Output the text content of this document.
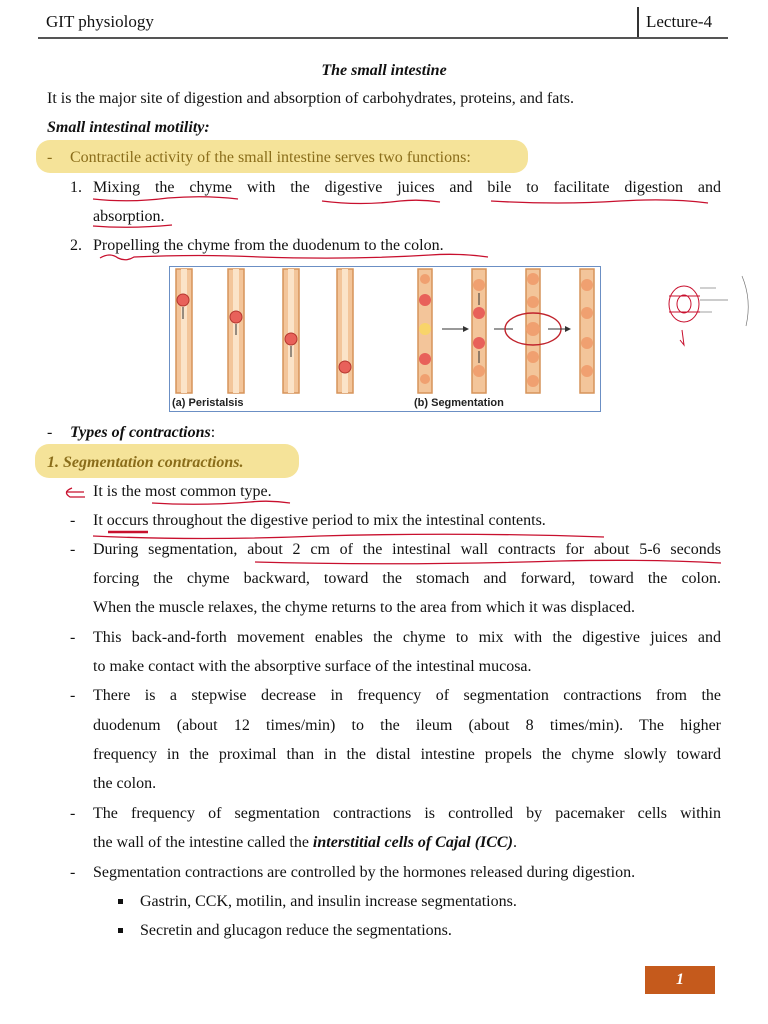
GIT physiology	Lecture-4
The small intestine
It is the major site of digestion and absorption of carbohydrates, proteins, and fats.
Small intestinal motility:
- Contractile activity of the small intestine serves two functions:
1. Mixing the chyme with the digestive juices and bile to facilitate digestion and
absorption.
2. Propelling the chyme from the duodenum to the colon.
(a) Peristalsis	(b) Segmentation
- Types of contractions:
1. Segmentation contractions.
It is the most common type.
- It occurs throughout the digestive period to mix the intestinal contents.
- During segmentation, about 2 cm of the intestinal wall contracts for about 5-6 seconds
forcing the chyme backward, toward the stomach and forward, toward the colon.
When the muscle relaxes, the chyme returns to the area from which it was displaced.
- This back-and-forth movement enables the chyme to mix with the digestive juices and
to make contact with the absorptive surface of the intestinal mucosa.
- There is a stepwise decrease in frequency of segmentation contractions from the
duodenum (about 12 times/min) to the ileum (about 8 times/min). The higher
frequency in the proximal than in the distal intestine propels the chyme slowly toward
the colon.
- The frequency of segmentation contractions is controlled by pacemaker cells within
the wall of the intestine called the interstitial cells of Cajal (ICC).
- Segmentation contractions are controlled by the hormones released during digestion.
Gastrin, CCK, motilin, and insulin increase segmentations.
Secretin and glucagon reduce the segmentations.
1
